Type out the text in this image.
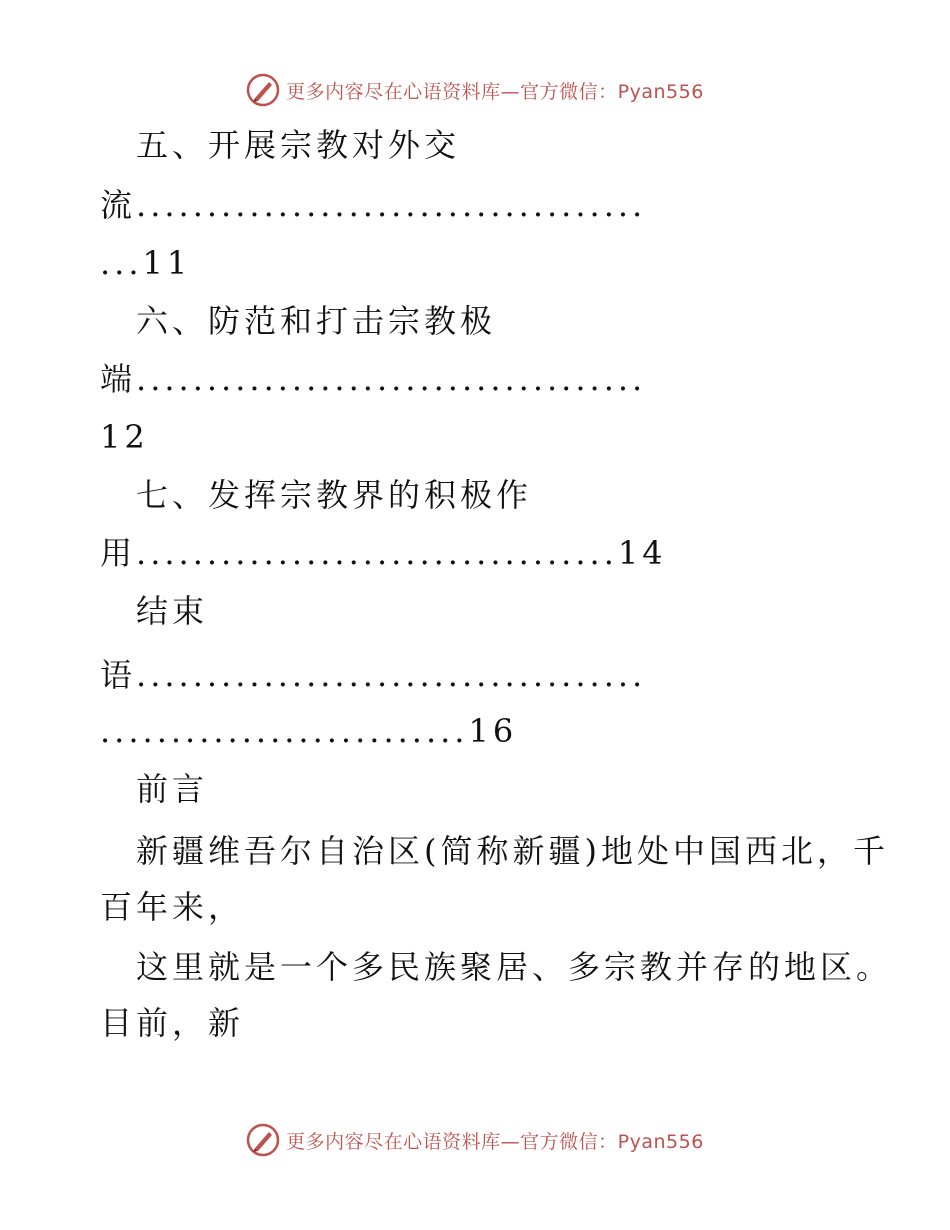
更多内容尽在心语资料库—官方微信：Pyan556
五、开展宗教对外交
流....................................
...11
六、防范和打击宗教极
端....................................
12
七、发挥宗教界的积极作
用..................................14
结束
语....................................
..........................16
前言
新疆维吾尔自治区(简称新疆)地处中国西北，千
百年来，
这里就是一个多民族聚居、多宗教并存的地区。
目前，新
更多内容尽在心语资料库—官方微信：Pyan556
